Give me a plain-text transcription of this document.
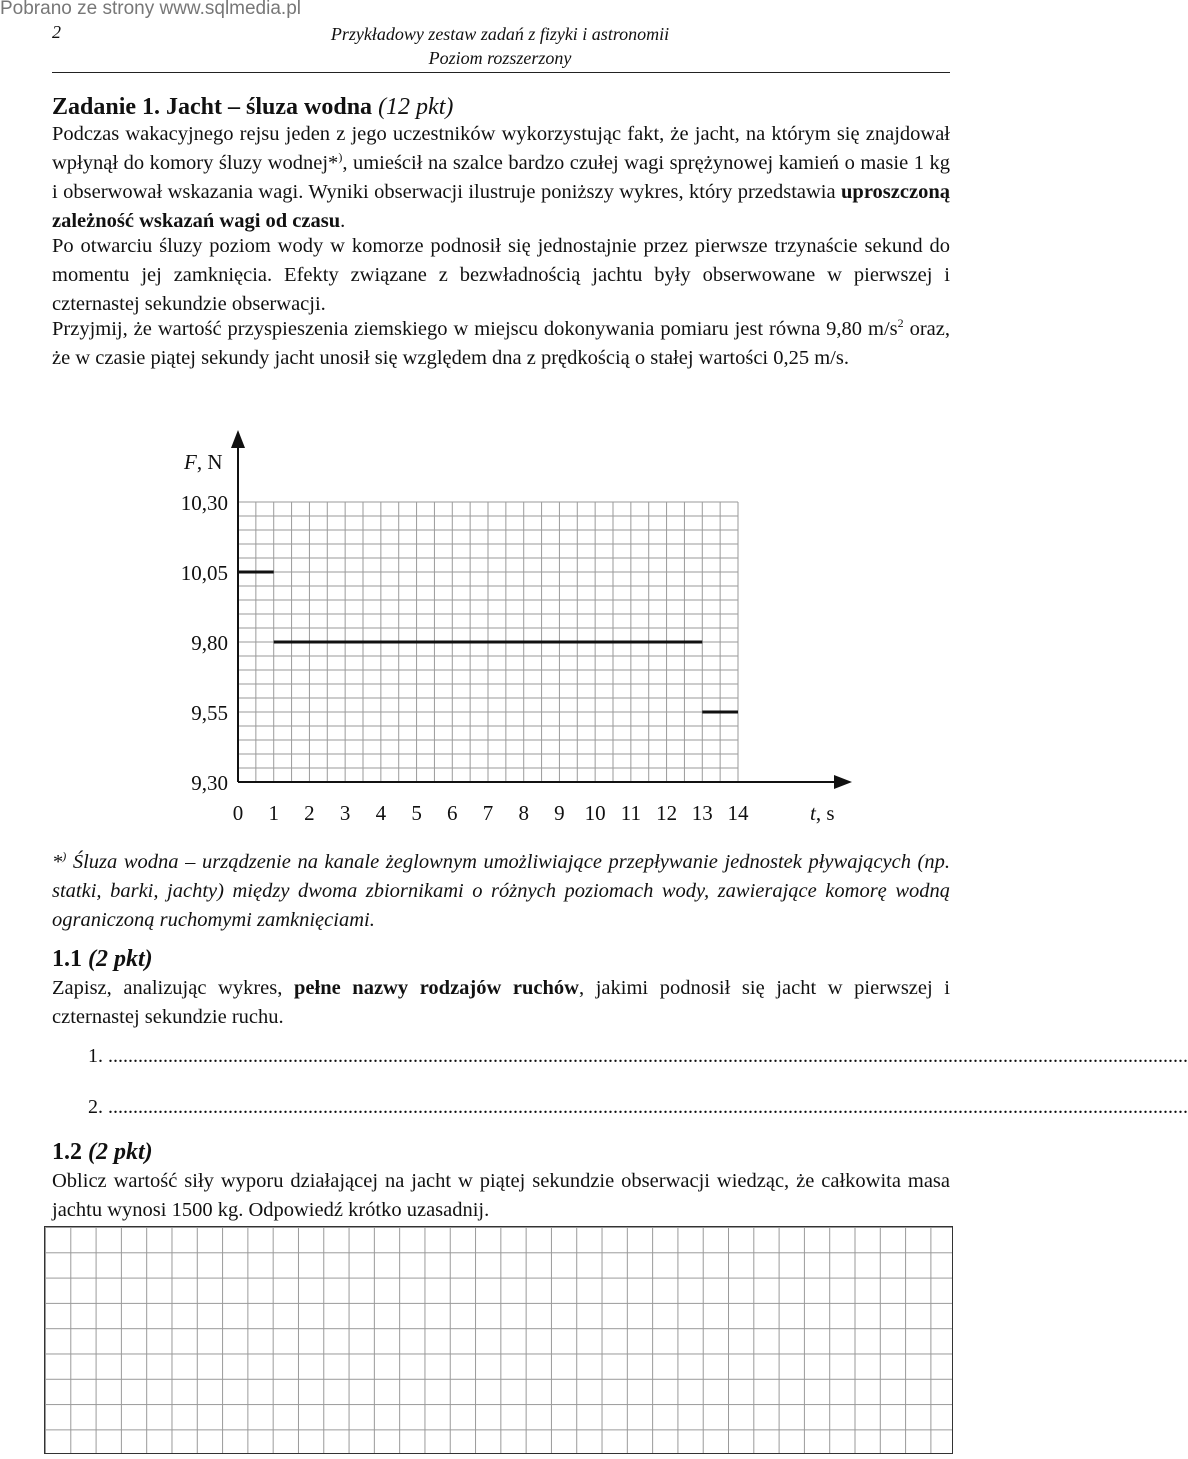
Pobrano ze strony www.sqlmedia.pl
2	Przykładowy zestaw zadań z fizyki i astronomii
Poziom rozszerzony
Zadanie 1. Jacht – śluza wodna (12 pkt)
Podczas wakacyjnego rejsu jeden z jego uczestników wykorzystując fakt, że jacht, na którym się znajdował wpłynął do komory śluzy wodnej*), umieścił na szalce bardzo czułej wagi sprężynowej kamień o masie 1 kg i obserwował wskazania wagi. Wyniki obserwacji ilustruje poniższy wykres, który przedstawia uproszczoną zależność wskazań wagi od czasu.
Po otwarciu śluzy poziom wody w komorze podnosił się jednostajnie przez pierwsze trzynaście sekund do momentu jej zamknięcia. Efekty związane z bezwładnością jachtu były obserwowane w pierwszej i czternastej sekundzie obserwacji.
Przyjmij, że wartość przyspieszenia ziemskiego w miejscu dokonywania pomiaru jest równa 9,80 $m/s^2$ oraz, że w czasie piątej sekundy jacht unosił się względem dna z prędkością o stałej wartości 0,25 m/s.
10,30
10,05
9,80
9,55
9,30
0 1 2 3 4 5 6 7 8 9 10 11 12 13 14
F, N
t, s
*) Śluza wodna – urządzenie na kanale żeglownym umożliwiające przepływanie jednostek pływających (np. statki, barki, jachty) między dwoma zbiornikami o różnych poziomach wody, zawierające komorę wodną ograniczoną ruchomymi zamknięciami.
1.1 (2 pkt)
Zapisz, analizując wykres, pełne nazwy rodzajów ruchów, jakimi podnosił się jacht w pierwszej i czternastej sekundzie ruchu.
1. ........................................................................................................................................................................................................................
2. ........................................................................................................................................................................................................................
1.2 (2 pkt)
Oblicz wartość siły wyporu działającej na jacht w piątej sekundzie obserwacji wiedząc, że całkowita masa jachtu wynosi 1500 kg. Odpowiedź krótko uzasadnij.
